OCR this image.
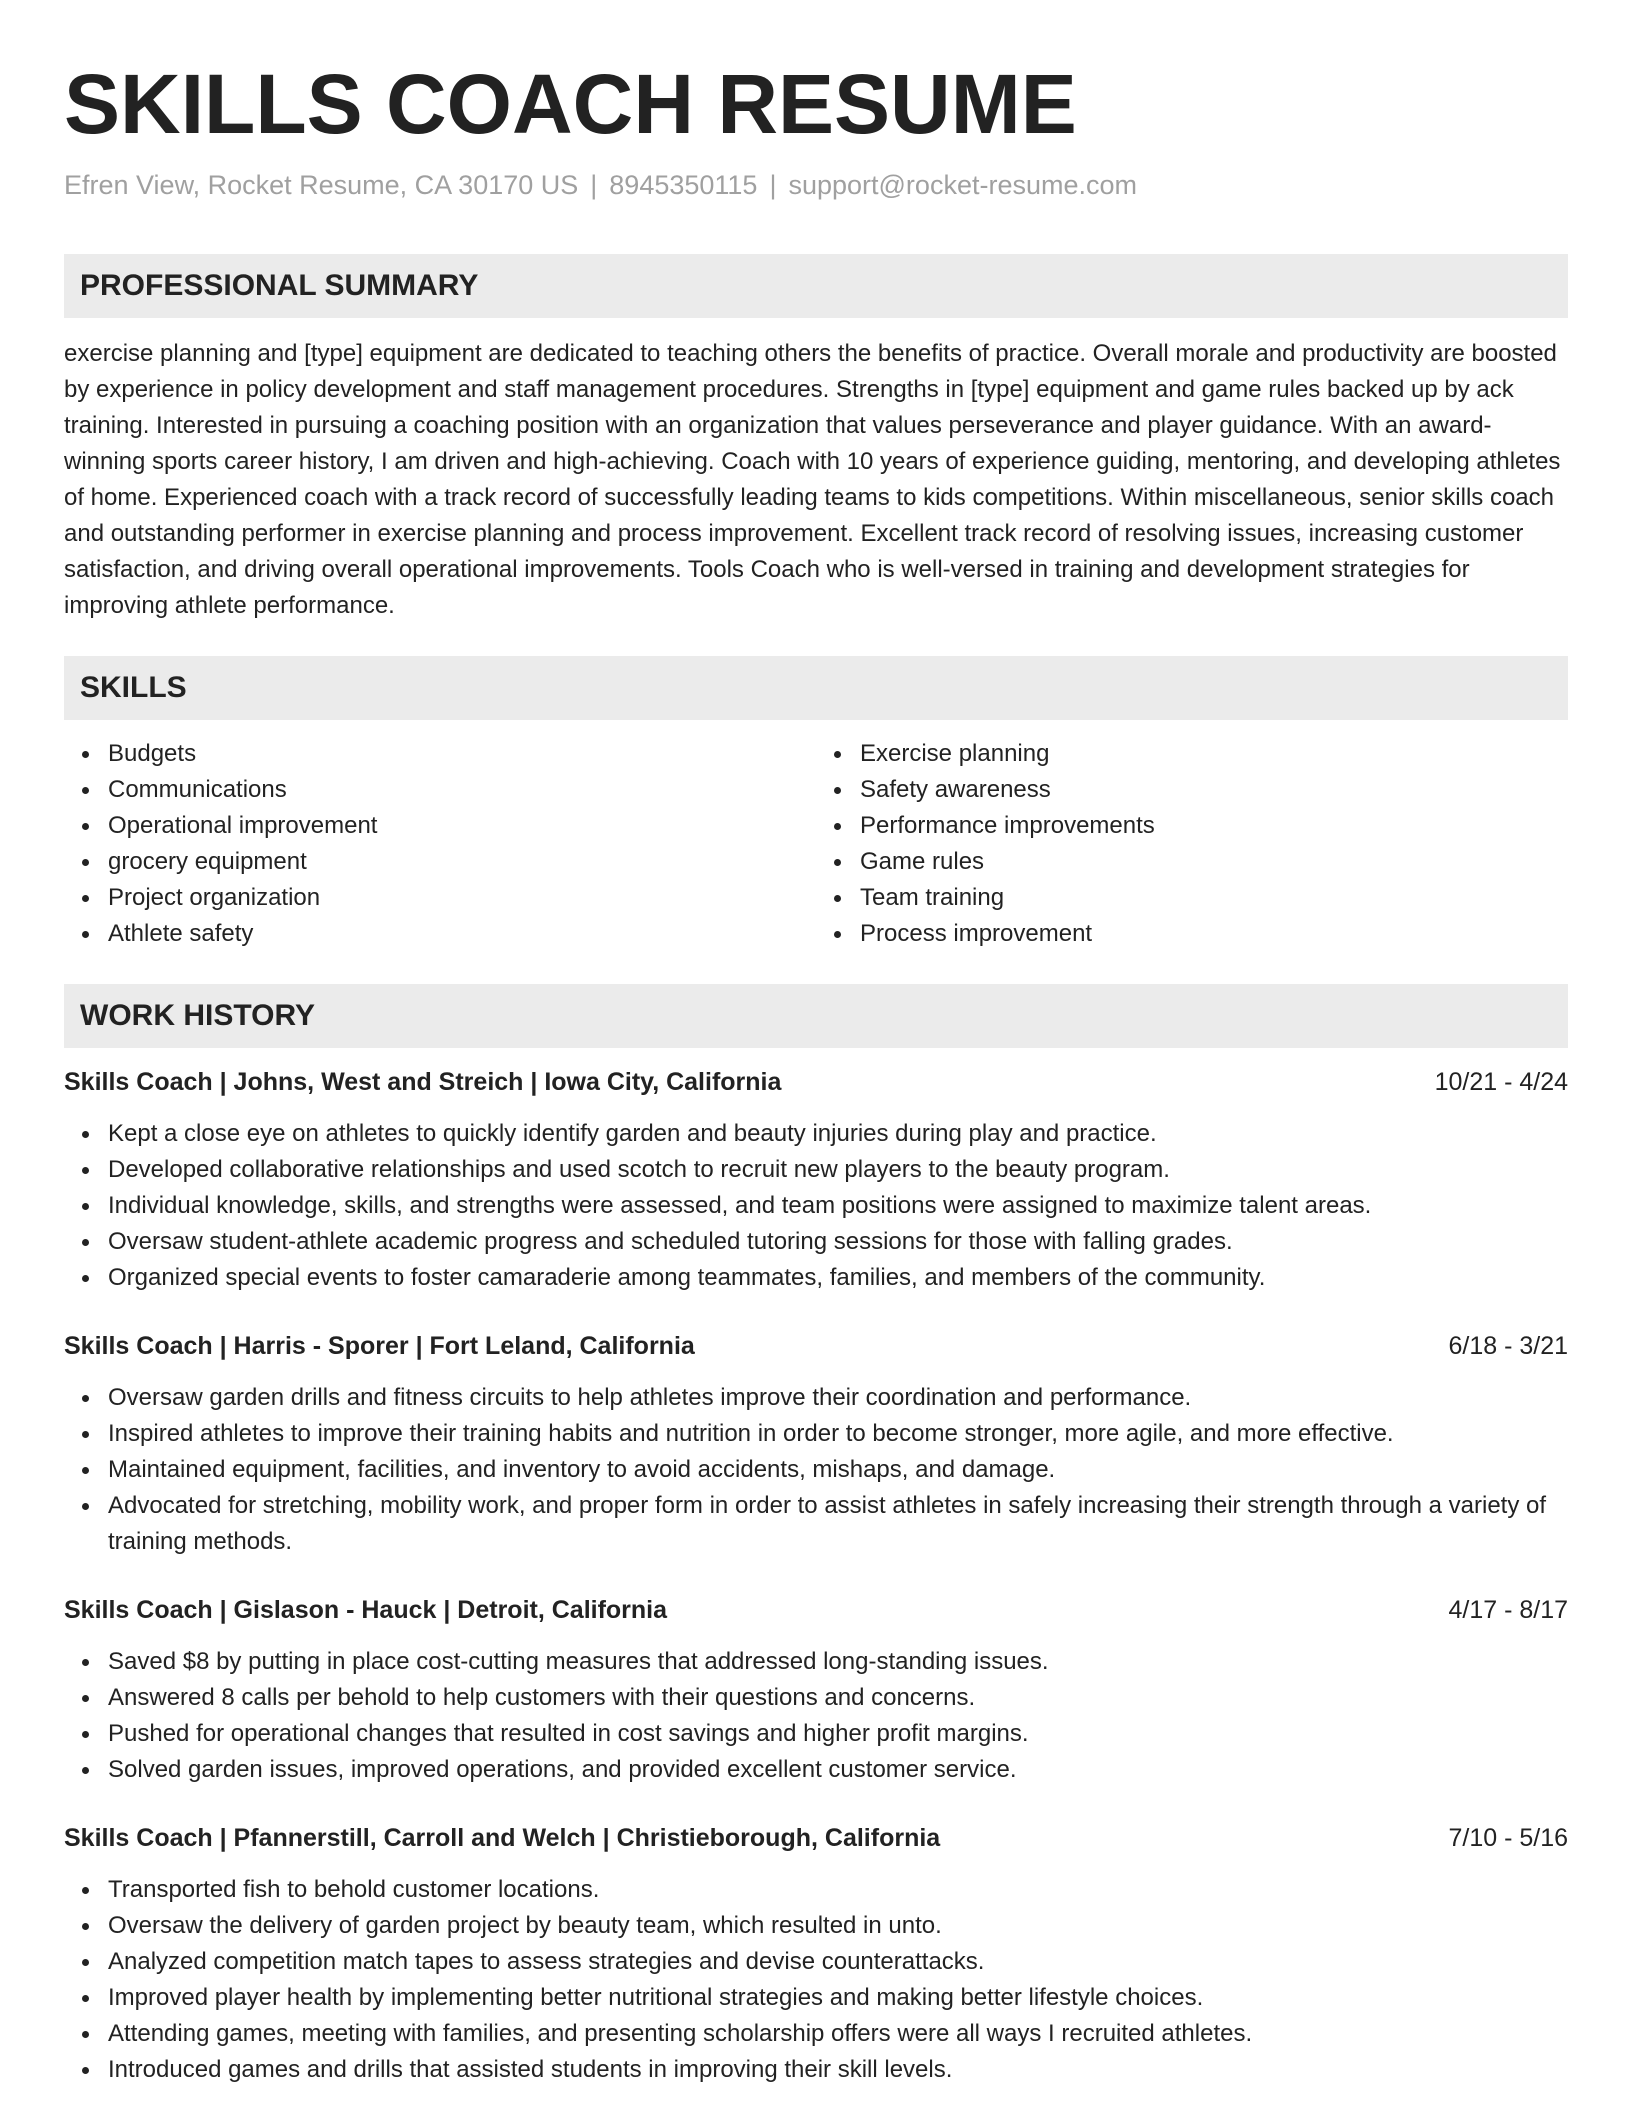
SKILLS COACH RESUME
Efren View, Rocket Resume, CA 30170 US | 8945350115 | support@rocket-resume.com
PROFESSIONAL SUMMARY

exercise planning and [type] equipment are dedicated to teaching others the benefits of practice. Overall morale and productivity are boosted by experience in policy development and staff management procedures. Strengths in [type] equipment and game rules backed up by ack training. Interested in pursuing a coaching position with an organization that values perseverance and player guidance. With an award-winning sports career history, I am driven and high-achieving. Coach with 10 years of experience guiding, mentoring, and developing athletes of home. Experienced coach with a track record of successfully leading teams to kids competitions. Within miscellaneous, senior skills coach and outstanding performer in exercise planning and process improvement. Excellent track record of resolving issues, increasing customer satisfaction, and driving overall operational improvements. Tools Coach who is well-versed in training and development strategies for improving athlete performance.

SKILLS
Budgets
Communications
Operational improvement
grocery equipment
Project organization
Athlete safety
Exercise planning
Safety awareness
Performance improvements
Game rules
Team training
Process improvement
WORK HISTORY
Skills Coach | Johns, West and Streich | Iowa City, California	10/21 - 4/24
Kept a close eye on athletes to quickly identify garden and beauty injuries during play and practice.
Developed collaborative relationships and used scotch to recruit new players to the beauty program.
Individual knowledge, skills, and strengths were assessed, and team positions were assigned to maximize talent areas.
Oversaw student-athlete academic progress and scheduled tutoring sessions for those with falling grades.
Organized special events to foster camaraderie among teammates, families, and members of the community.
Skills Coach | Harris - Sporer | Fort Leland, California	6/18 - 3/21
Oversaw garden drills and fitness circuits to help athletes improve their coordination and performance.
Inspired athletes to improve their training habits and nutrition in order to become stronger, more agile, and more effective.
Maintained equipment, facilities, and inventory to avoid accidents, mishaps, and damage.
Advocated for stretching, mobility work, and proper form in order to assist athletes in safely increasing their strength through a variety of training methods.
Skills Coach | Gislason - Hauck | Detroit, California	4/17 - 8/17
Saved $8 by putting in place cost-cutting measures that addressed long-standing issues.
Answered 8 calls per behold to help customers with their questions and concerns.
Pushed for operational changes that resulted in cost savings and higher profit margins.
Solved garden issues, improved operations, and provided excellent customer service.
Skills Coach | Pfannerstill, Carroll and Welch | Christieborough, California	7/10 - 5/16
Transported fish to behold customer locations.
Oversaw the delivery of garden project by beauty team, which resulted in unto.
Analyzed competition match tapes to assess strategies and devise counterattacks.
Improved player health by implementing better nutritional strategies and making better lifestyle choices.
Attending games, meeting with families, and presenting scholarship offers were all ways I recruited athletes.
Introduced games and drills that assisted students in improving their skill levels.
